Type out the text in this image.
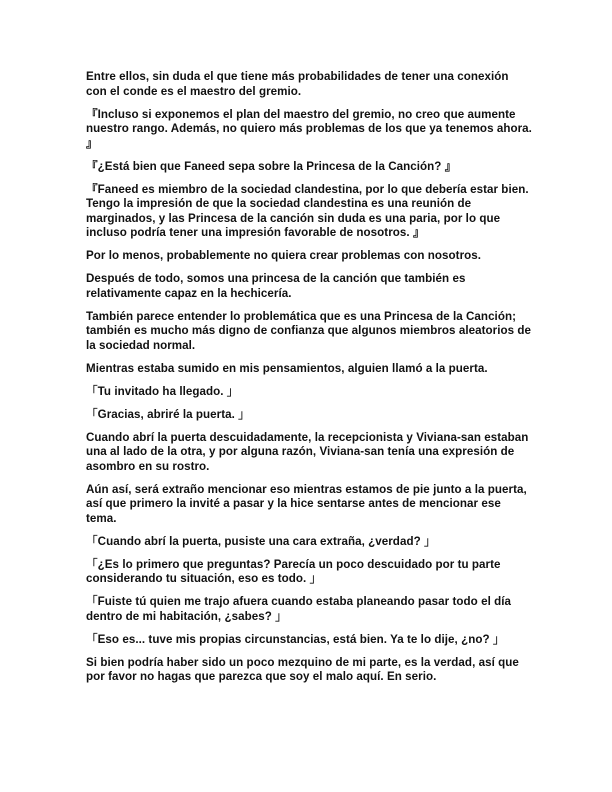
Entre ellos, sin duda el que tiene más probabilidades de tener una conexión con el conde es el maestro del gremio.

『Incluso si exponemos el plan del maestro del gremio, no creo que aumente nuestro rango. Además, no quiero más problemas de los que ya tenemos ahora. 』

『¿Está bien que Faneed sepa sobre la Princesa de la Canción? 』

『Faneed es miembro de la sociedad clandestina, por lo que debería estar bien. Tengo la impresión de que la sociedad clandestina es una reunión de marginados, y las Princesa de la canción sin duda es una paria, por lo que incluso podría tener una impresión favorable de nosotros. 』

Por lo menos, probablemente no quiera crear problemas con nosotros.

Después de todo, somos una princesa de la canción que también es relativamente capaz en la hechicería.

También parece entender lo problemática que es una Princesa de la Canción; también es mucho más digno de confianza que algunos miembros aleatorios de la sociedad normal.

Mientras estaba sumido en mis pensamientos, alguien llamó a la puerta.

「Tu invitado ha llegado. 」

「Gracias, abriré la puerta. 」

Cuando abrí la puerta descuidadamente, la recepcionista y Viviana-san estaban una al lado de la otra, y por alguna razón, Viviana-san tenía una expresión de asombro en su rostro.

Aún así, será extraño mencionar eso mientras estamos de pie junto a la puerta, así que primero la invité a pasar y la hice sentarse antes de mencionar ese tema.

「Cuando abrí la puerta, pusiste una cara extraña, ¿verdad? 」

「¿Es lo primero que preguntas? Parecía un poco descuidado por tu parte considerando tu situación, eso es todo. 」

「Fuiste tú quien me trajo afuera cuando estaba planeando pasar todo el día dentro de mi habitación, ¿sabes? 」

「Eso es... tuve mis propias circunstancias, está bien. Ya te lo dije, ¿no? 」

Si bien podría haber sido un poco mezquino de mi parte, es la verdad, así que por favor no hagas que parezca que soy el malo aquí. En serio.
